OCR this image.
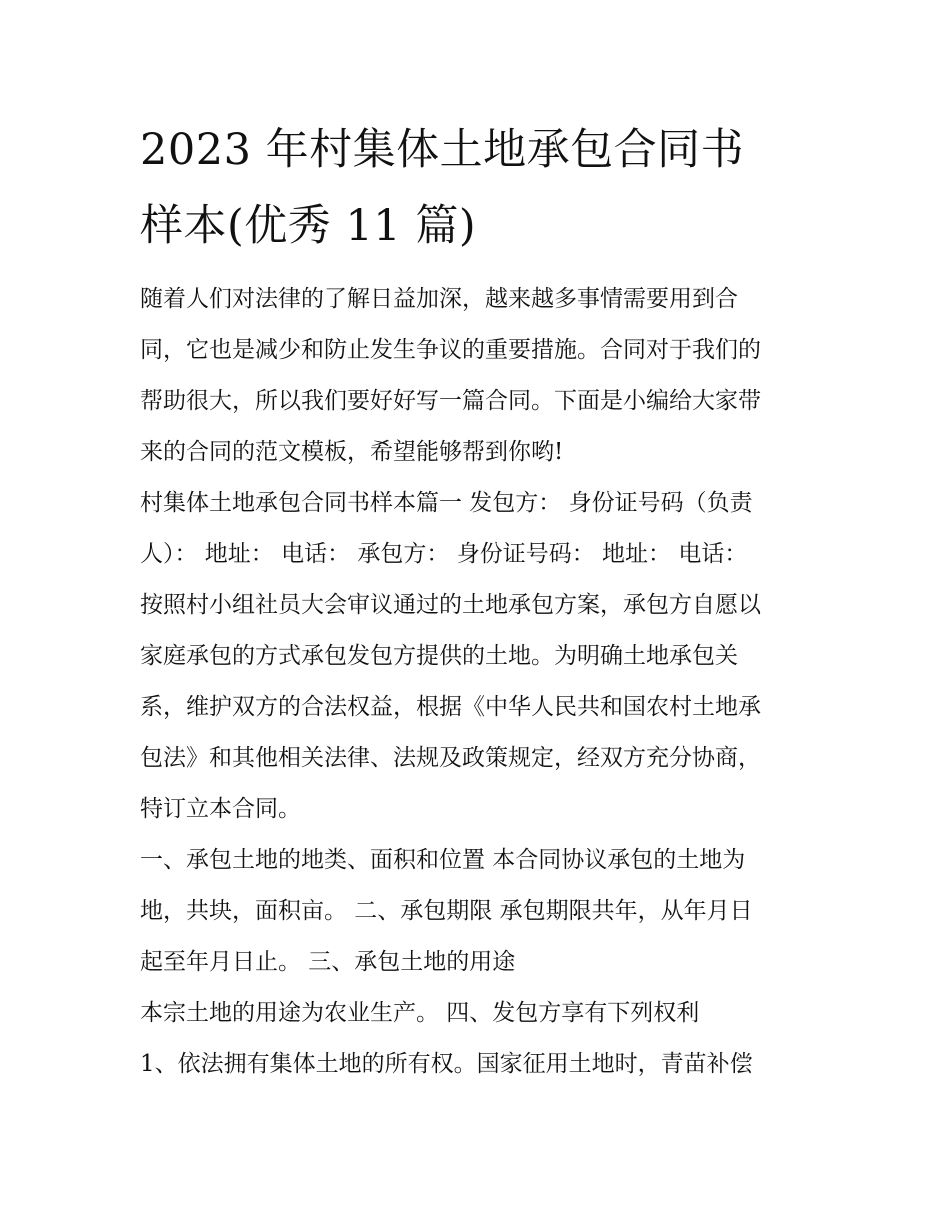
2023 年村集体土地承包合同书
样本(优秀 11 篇)

随着人们对法律的了解日益加深，越来越多事情需要用到合
同，它也是减少和防止发生争议的重要措施。合同对于我们的
帮助很大，所以我们要好好写一篇合同。下面是小编给大家带
来的合同的范文模板，希望能够帮到你哟!

村集体土地承包合同书样本篇一 发包方： 身份证号码（负责
人）： 地址： 电话： 承包方： 身份证号码： 地址： 电话：
按照村小组社员大会审议通过的土地承包方案，承包方自愿以
家庭承包的方式承包发包方提供的土地。为明确土地承包关
系，维护双方的合法权益，根据《中华人民共和国农村土地承
包法》和其他相关法律、法规及政策规定，经双方充分协商，
特订立本合同。

一、承包土地的地类、面积和位置 本合同协议承包的土地为
地，共块，面积亩。 二、承包期限 承包期限共年，从年月日
起至年月日止。 三、承包土地的用途

本宗土地的用途为农业生产。 四、发包方享有下列权利

1、依法拥有集体土地的所有权。国家征用土地时，青苗补偿
